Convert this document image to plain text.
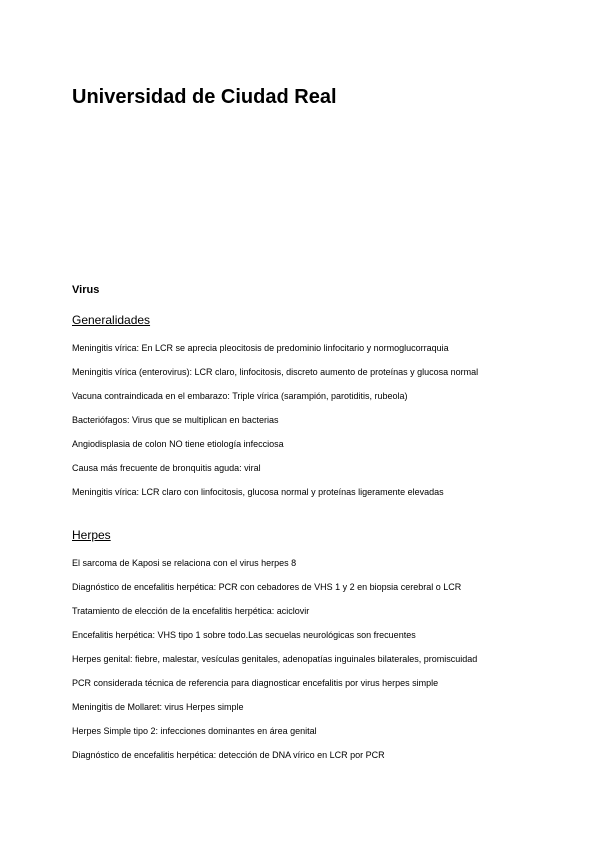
Universidad de Ciudad Real
Virus
Generalidades
Meningitis vírica: En LCR se aprecia pleocitosis de predominio linfocitario y normoglucorraquia
Meningitis vírica (enterovirus): LCR claro, linfocitosis, discreto aumento de proteínas y glucosa normal
Vacuna contraindicada en el embarazo: Triple vírica (sarampión, parotiditis, rubeola)
Bacteriófagos: Virus que se multiplican en bacterias
Angiodisplasia de colon NO tiene etiología infecciosa
Causa más frecuente de bronquitis aguda: viral
Meningitis vírica: LCR claro con linfocitosis, glucosa normal y proteínas ligeramente elevadas
Herpes
El sarcoma de Kaposi se relaciona con el virus herpes 8
Diagnóstico de encefalitis herpética: PCR con cebadores de VHS 1 y 2 en biopsia cerebral o LCR
Tratamiento de elección de la encefalitis herpética: aciclovir
Encefalitis herpética: VHS tipo 1 sobre todo.Las secuelas neurológicas son frecuentes
Herpes genital: fiebre, malestar, vesículas genitales, adenopatías inguinales bilaterales, promiscuidad
PCR considerada técnica de referencia para diagnosticar encefalitis por virus herpes simple
Meningitis de Mollaret: virus Herpes simple
Herpes Simple tipo 2: infecciones dominantes en área genital
Diagnóstico de encefalitis herpética: detección de DNA vírico en LCR por PCR
